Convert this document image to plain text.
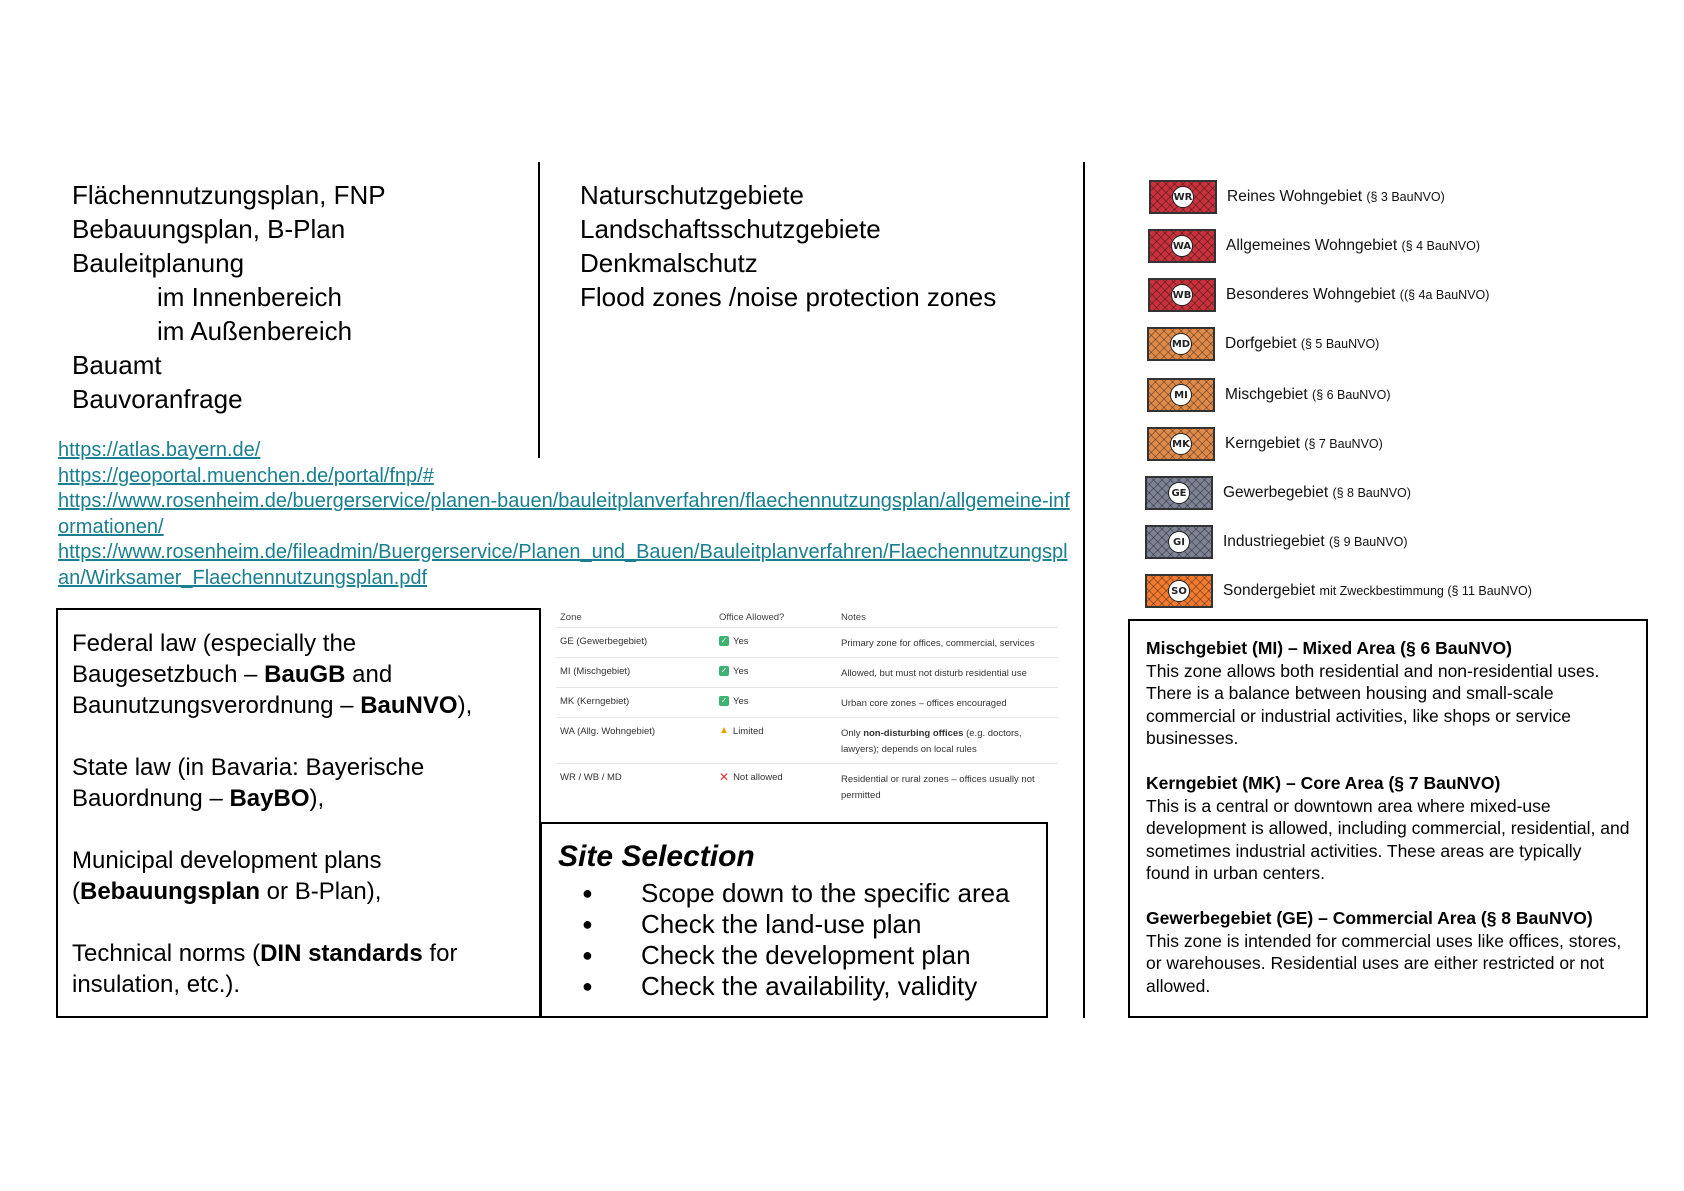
Flächennutzungsplan, FNP
Bebauungsplan, B-Plan
Bauleitplanung
im Innenbereich
im Außenbereich
Bauamt
Bauvoranfrage
Naturschutzgebiete
Landschaftsschutzgebiete
Denkmalschutz
Flood zones /noise protection zones
https://atlas.bayern.de/
https://geoportal.muenchen.de/portal/fnp/#
https://www.rosenheim.de/buergerservice/planen-bauen/bauleitplanverfahren/flaechennutzungsplan/allgemeine-informationen/
https://www.rosenheim.de/fileadmin/Buergerservice/Planen_und_Bauen/Bauleitplanverfahren/Flaechennutzungsplan/Wirksamer_Flaechennutzungsplan.pdf

Federal law (especially the Baugesetzbuch – BauGB and Baunutzungsverordnung – BauNVO),

State law (in Bavaria: Bayerische Bauordnung – BayBO),

Municipal development plans (Bebauungsplan or B-Plan),

Technical norms (DIN standards for insulation, etc.).

Zone	Office Allowed?	Notes
GE (Gewerbegebiet)	✓ Yes	Primary zone for offices, commercial, services
MI (Mischgebiet)	✓ Yes	Allowed, but must not disturb residential use
MK (Kerngebiet)	✓ Yes	Urban core zones – offices encouraged
WA (Allg. Wohngebiet)	▲ Limited	Only non-disturbing offices (e.g. doctors, lawyers); depends on local rules
WR / WB / MD	✕ Not allowed	Residential or rural zones – offices usually not permitted
Site Selection
●	Scope down to the specific area
●	Check the land-use plan
●	Check the development plan
●	Check the availability, validity
WR Reines Wohngebiet (§ 3 BauNVO)
WA Allgemeines Wohngebiet (§ 4 BauNVO)
WB Besonderes Wohngebiet ((§ 4a BauNVO)
MD Dorfgebiet (§ 5 BauNVO)
MI Mischgebiet (§ 6 BauNVO)
MK Kerngebiet (§ 7 BauNVO)
GE Gewerbegebiet (§ 8 BauNVO)
GI	Industriegebiet (§ 9 BauNVO)
SO Sondergebiet mit Zweckbestimmung (§ 11 BauNVO)

Mischgebiet (MI) – Mixed Area (§ 6 BauNVO)
This zone allows both residential and non-residential uses. There is a balance between housing and small-scale commercial or industrial activities, like shops or service businesses.

Kerngebiet (MK) – Core Area (§ 7 BauNVO)
This is a central or downtown area where mixed-use development is allowed, including commercial, residential, and sometimes industrial activities. These areas are typically found in urban centers.

Gewerbegebiet (GE) – Commercial Area (§ 8 BauNVO)
This zone is intended for commercial uses like offices, stores, or warehouses. Residential uses are either restricted or not allowed.
